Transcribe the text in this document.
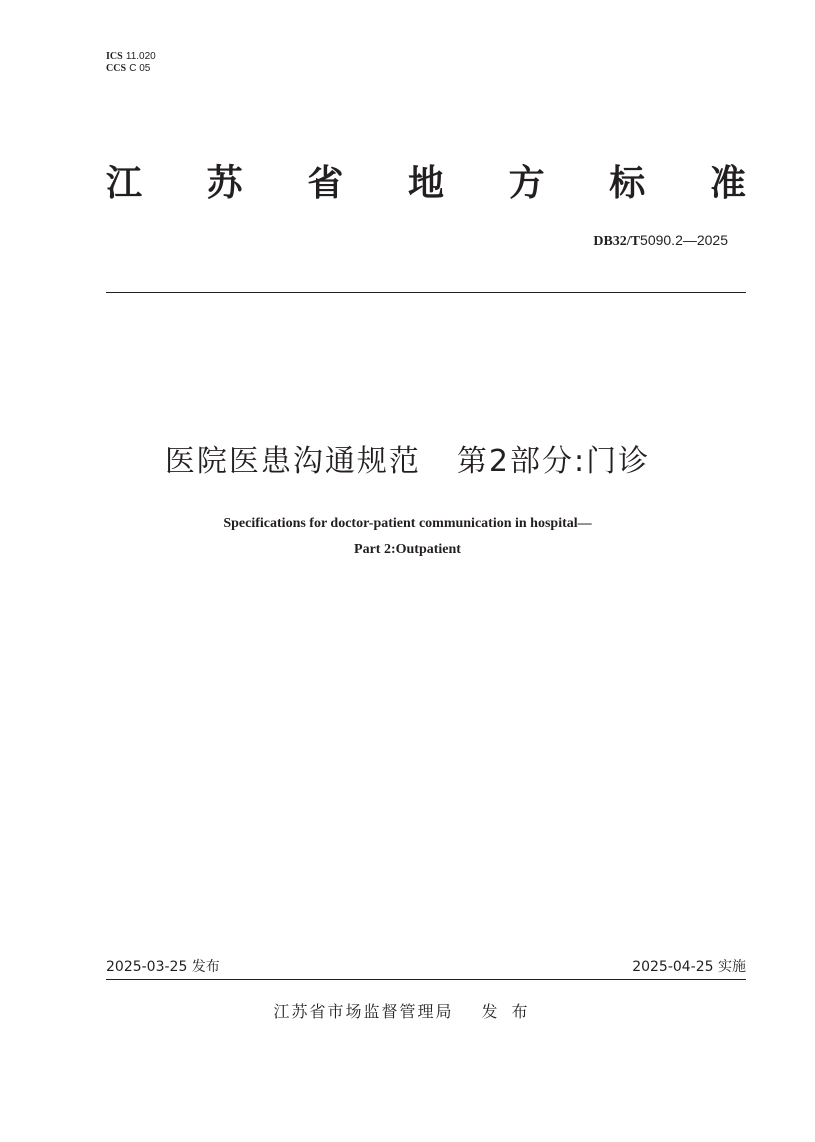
ICS 11.020
CCS C 05
江 苏 省 地 方 标 准
DB32/T5090.2—2025
医院医患沟通规范 第2部分:门诊
Specifications for doctor-patient communication in hospital—
Part 2:Outpatient
2025-03-25 发布	2025-04-25 实施
江苏省市场监督管理局 发布
